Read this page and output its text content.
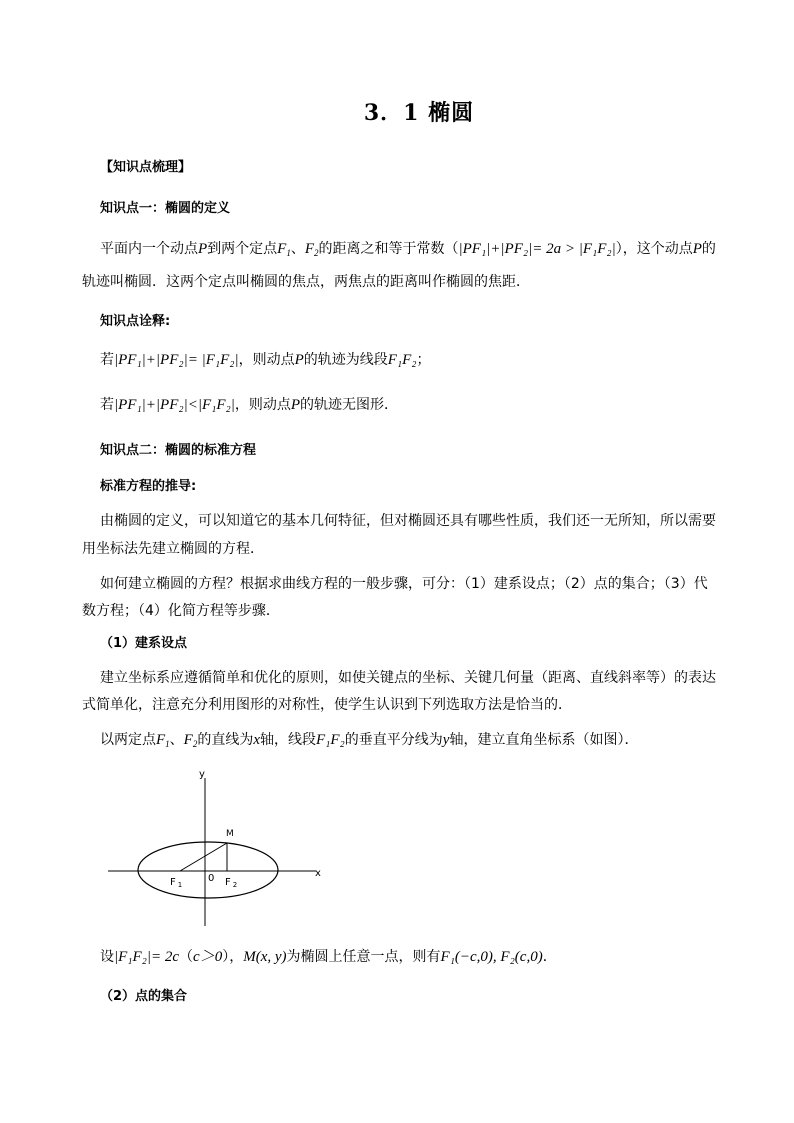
3．1 椭圆
【知识点梳理】
知识点一：椭圆的定义
平面内一个动点P到两个定点$F_1$、$F_2$的距离之和等于常数（|PF₁|+|PF₂|= 2a > |F₁F₂|），这个动点P的
轨迹叫椭圆．这两个定点叫椭圆的焦点，两焦点的距离叫作椭圆的焦距．
知识点诠释:
若|PF₁|+|PF₂|= |F₁F₂|，则动点P的轨迹为线段F₁F₂；
若|PF₁|+|PF₂|<|F₁F₂|，则动点P的轨迹无图形．
知识点二：椭圆的标准方程
标准方程的推导:
由椭圆的定义，可以知道它的基本几何特征，但对椭圆还具有哪些性质，我们还一无所知，所以需要
用坐标法先建立椭圆的方程．
如何建立椭圆的方程？根据求曲线方程的一般步骤，可分：（1）建系设点；（2）点的集合；（3）代
数方程；（4）化简方程等步骤．
（1）建系设点
建立坐标系应遵循简单和优化的原则，如使关键点的坐标、关键几何量（距离、直线斜率等）的表达
式简单化，注意充分利用图形的对称性，使学生认识到下列选取方法是恰当的．
以两定点$F_1$、$F_2$的直线为x轴，线段F₁F₂的垂直平分线为y轴，建立直角坐标系（如图）．
y
x
M
0
F $_1$	F $_2$
设|F₁F₂|= 2c（c＞0），M(x, y)为椭圆上任意一点，则有F₁(−c,0), F₂(c,0)．
（2）点的集合
